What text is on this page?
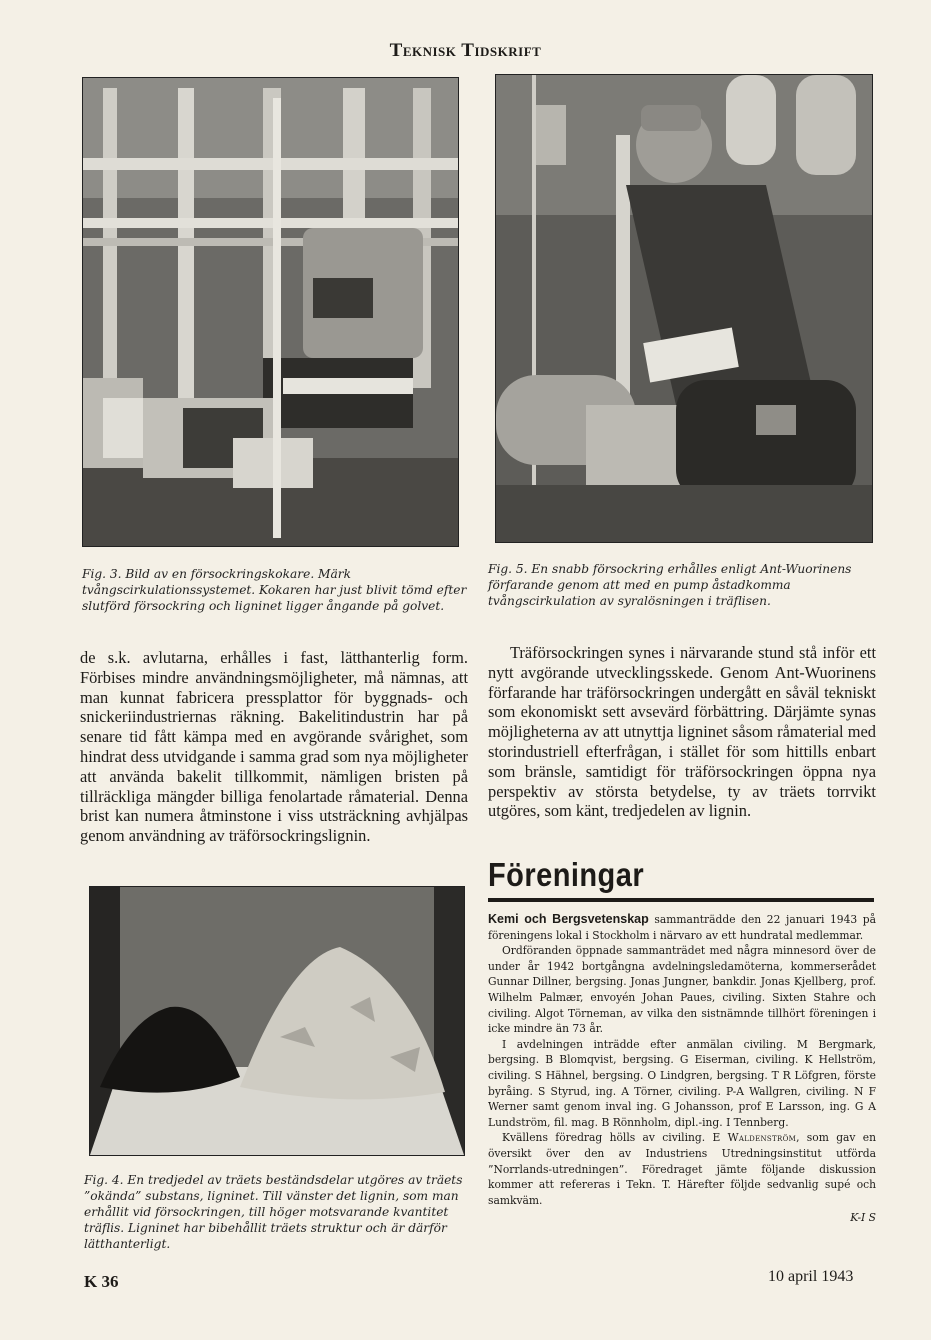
Teknisk Tidskrift
Fig. 3. Bild av en försockringskokare. Märk tvångscirkulationssystemet. Kokaren har just blivit tömd efter slutförd försockring och ligninet ligger ångande på golvet.
Fig. 5. En snabb försockring erhålles enligt Ant-Wuorinens förfarande genom att med en pump åstadkomma tvångscirkulation av syralösningen i träflisen.

de s.k. avlutarna, erhålles i fast, lätthanterlig form. Förbises mindre användningsmöjligheter, må nämnas, att man kunnat fabricera pressplattor för byggnads- och snickeriindustriernas räkning. Bakelitindustrin har på senare tid fått kämpa med en avgörande svårighet, som hindrat dess utvidgande i samma grad som nya möjligheter att använda bakelit tillkommit, nämligen bristen på tillräckliga mängder billiga fenolartade råmaterial. Denna brist kan numera åtminstone i viss utsträckning avhjälpas genom användning av träförsockringslignin.

Träförsockringen synes i närvarande stund stå inför ett nytt avgörande utvecklingsskede. Genom Ant-Wuorinens förfarande har träförsockringen undergått en såväl tekniskt som ekonomiskt sett avsevärd förbättring. Därjämte synas möjligheterna av att utnyttja ligninet såsom råmaterial med storindustriell efterfrågan, i stället för som hittills enbart som bränsle, samtidigt för träförsockringen öppna nya perspektiv av största betydelse, ty av träets torrvikt utgöres, som känt, tredjedelen av lignin.

Fig. 4. En tredjedel av träets beständsdelar utgöres av träets ”okända” substans, ligninet. Till vänster det lignin, som man erhållit vid försockringen, till höger motsvarande kvantitet träflis. Ligninet har bibehållit träets struktur och är därför lätthanterligt.
Föreningar

Kemi och Bergsvetenskap sammanträdde den 22 januari 1943 på föreningens lokal i Stockholm i närvaro av ett hundratal medlemmar.

Ordföranden öppnade sammanträdet med några minnesord över de under år 1942 bortgångna avdelningsledamöterna, kommerserådet Gunnar Dillner, bergsing. Jonas Jungner, bankdir. Jonas Kjellberg, prof. Wilhelm Palmær, envoyén Johan Paues, civiling. Sixten Stahre och civiling. Algot Törneman, av vilka den sistnämnde tillhört föreningen i icke mindre än 73 år.

I avdelningen inträdde efter anmälan civiling. M Bergmark, bergsing. B Blomqvist, bergsing. G Eiserman, civiling. K Hellström, civiling. S Hähnel, bergsing. O Lindgren, bergsing. T R Löfgren, förste byråing. S Styrud, ing. A Törner, civiling. P-A Wallgren, civiling. N F Werner samt genom inval ing. G Johansson, prof E Larsson, ing. G A Lundström, fil. mag. B Rönnholm, dipl.-ing. I Tennberg.

Kvällens föredrag hölls av civiling. E Waldenström, som gav en översikt över den av Industriens Utredningsinstitut utförda ”Norrlands-utredningen”. Föredraget jämte följande diskussion kommer att refereras i Tekn. T. Härefter följde sedvanlig supé och samkväm.

K-I S

K 36	10 april 1943
